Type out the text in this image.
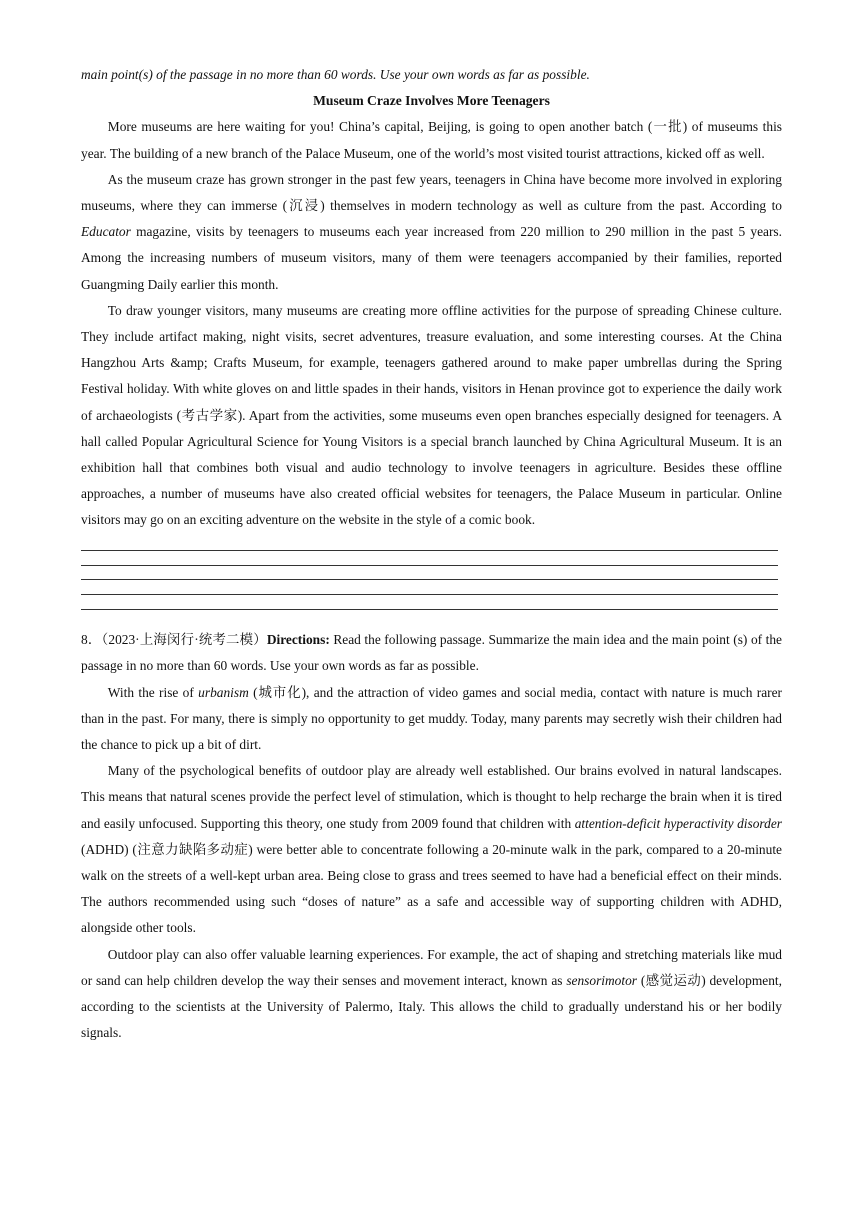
main point(s) of the passage in no more than 60 words. Use your own words as far as possible.

Museum Craze Involves More Teenagers

More museums are here waiting for you! China’s capital, Beijing, is going to open another batch (一批) of museums this year. The building of a new branch of the Palace Museum, one of the world’s most visited tourist attractions, kicked off as well.

As the museum craze has grown stronger in the past few years, teenagers in China have become more involved in exploring museums, where they can immerse (沉浸) themselves in modern technology as well as culture from the past. According to Educator magazine, visits by teenagers to museums each year increased from 220 million to 290 million in the past 5 years. Among the increasing numbers of museum visitors, many of them were teenagers accompanied by their families, reported Guangming Daily earlier this month.

To draw younger visitors, many museums are creating more offline activities for the purpose of spreading Chinese culture. They include artifact making, night visits, secret adventures, treasure evaluation, and some interesting courses. At the China Hangzhou Arts &amp; Crafts Museum, for example, teenagers gathered around to make paper umbrellas during the Spring Festival holiday. With white gloves on and little spades in their hands, visitors in Henan province got to experience the daily work of archaeologists (考古学家). Apart from the activities, some museums even open branches especially designed for teenagers. A hall called Popular Agricultural Science for Young Visitors is a special branch launched by China Agricultural Museum. It is an exhibition hall that combines both visual and audio technology to involve teenagers in agriculture. Besides these offline approaches, a number of museums have also created official websites for teenagers, the Palace Museum in particular. Online visitors may go on an exciting adventure on the website in the style of a comic book.

8．（2023·上海闵行·统考二模）Directions: Read the following passage. Summarize the main idea and the main point (s) of the passage in no more than 60 words. Use your own words as far as possible.

With the rise of urbanism (城市化), and the attraction of video games and social media, contact with nature is much rarer than in the past. For many, there is simply no opportunity to get muddy. Today, many parents may secretly wish their children had the chance to pick up a bit of dirt.

Many of the psychological benefits of outdoor play are already well established. Our brains evolved in natural landscapes. This means that natural scenes provide the perfect level of stimulation, which is thought to help recharge the brain when it is tired and easily unfocused. Supporting this theory, one study from 2009 found that children with attention-deficit hyperactivity disorder (ADHD) (注意力缺陷多动症) were better able to concentrate following a 20-minute walk in the park, compared to a 20-minute walk on the streets of a well-kept urban area. Being close to grass and trees seemed to have had a beneficial effect on their minds. The authors recommended using such “doses of nature” as a safe and accessible way of supporting children with ADHD, alongside other tools.

Outdoor play can also offer valuable learning experiences. For example, the act of shaping and stretching materials like mud or sand can help children develop the way their senses and movement interact, known as sensorimotor (感觉运动) development, according to the scientists at the University of Palermo, Italy. This allows the child to gradually understand his or her bodily signals.
